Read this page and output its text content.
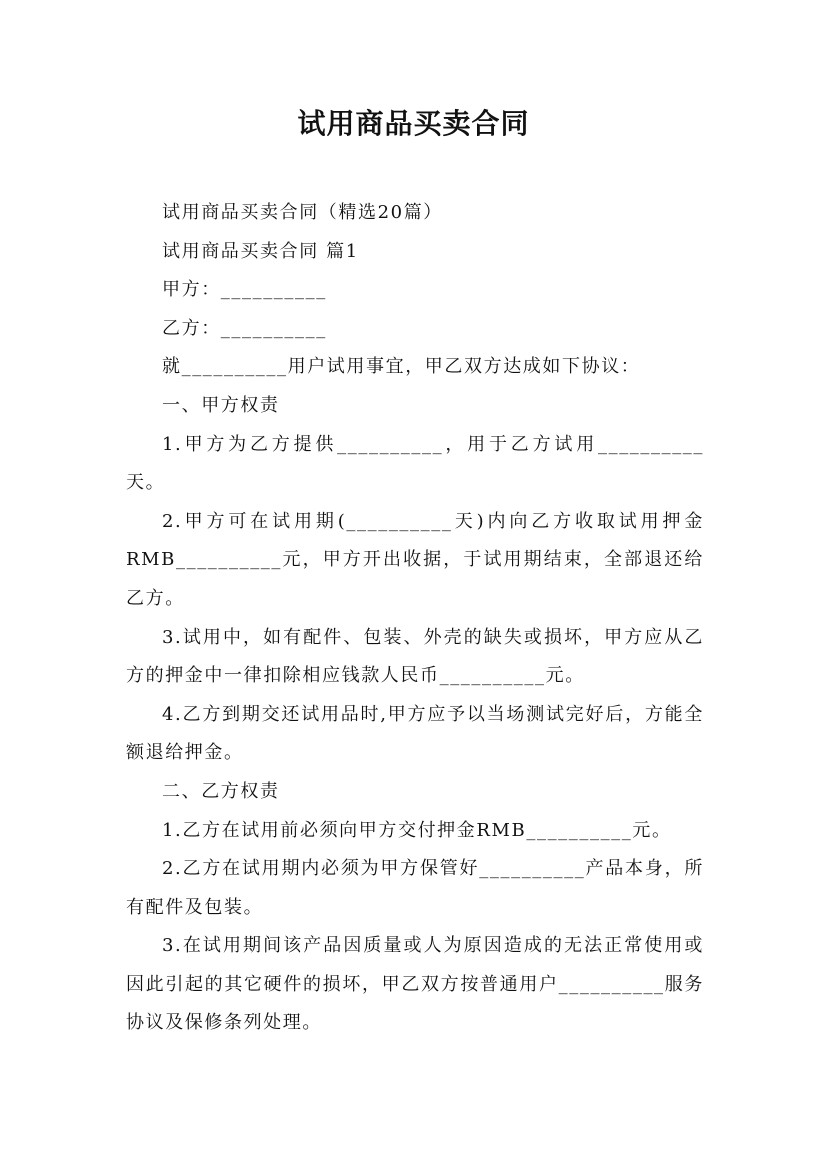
试用商品买卖合同

试用商品买卖合同（精选20篇）

试用商品买卖合同 篇1

甲方：__________

乙方：__________

就__________用户试用事宜，甲乙双方达成如下协议：

一、甲方权责

1.甲方为乙方提供__________，用于乙方试用__________天。

2.甲方可在试用期(__________天)内向乙方收取试用押金RMB__________元，甲方开出收据，于试用期结束，全部退还给乙方。

3.试用中，如有配件、包装、外壳的缺失或损坏，甲方应从乙方的押金中一律扣除相应钱款人民币__________元。

4.乙方到期交还试用品时,甲方应予以当场测试完好后，方能全额退给押金。

二、乙方权责

1.乙方在试用前必须向甲方交付押金RMB__________元。

2.乙方在试用期内必须为甲方保管好__________产品本身，所有配件及包装。

3.在试用期间该产品因质量或人为原因造成的无法正常使用或因此引起的其它硬件的损坏，甲乙双方按普通用户__________服务协议及保修条列处理。
